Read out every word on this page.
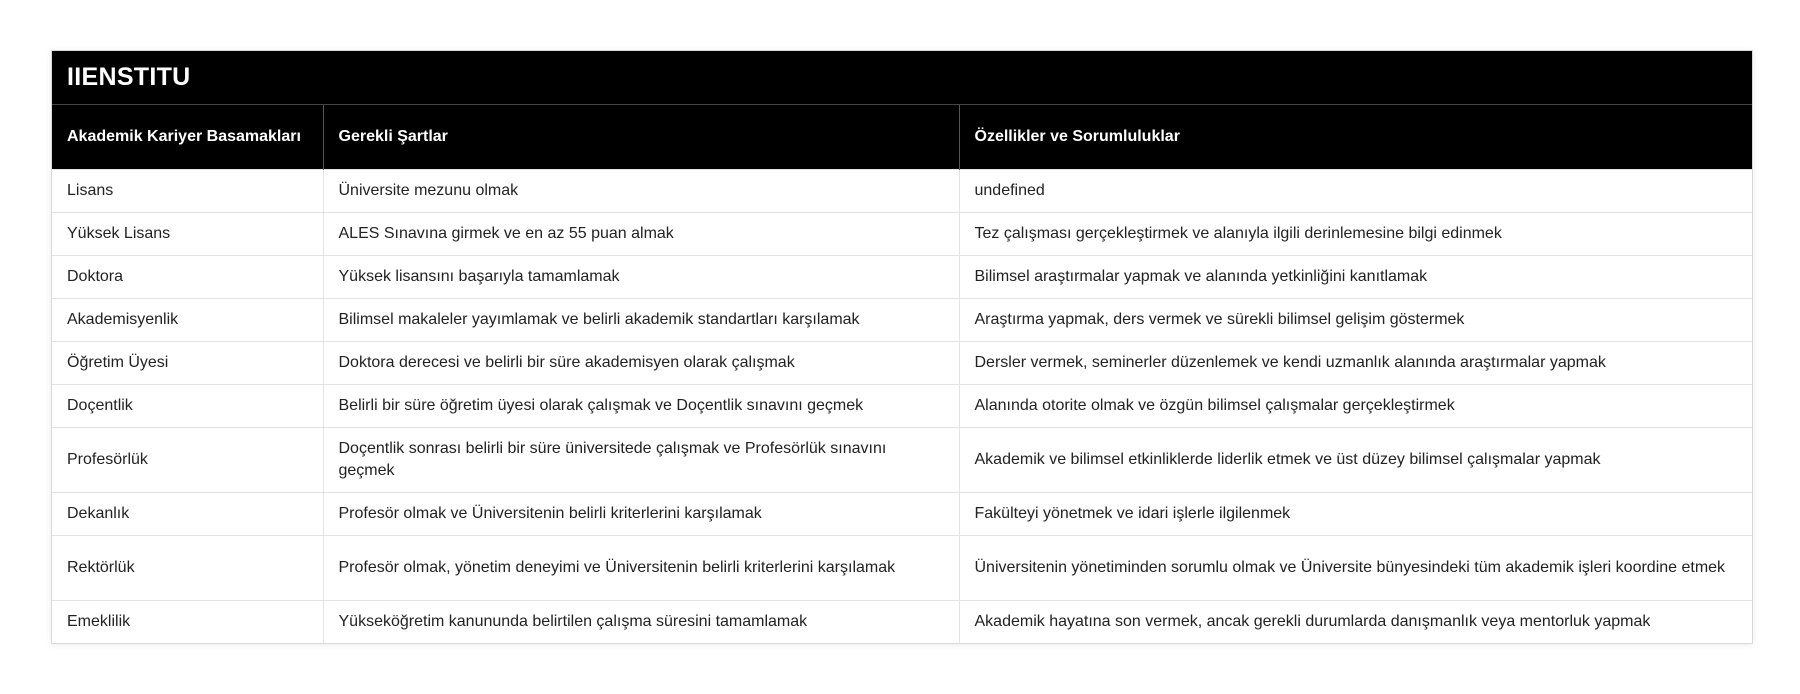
IIENSTITU
Akademik Kariyer Basamakları	Gerekli Şartlar	Özellikler ve Sorumluluklar
Lisans	Üniversite mezunu olmak	undefined
Yüksek Lisans	ALES Sınavına girmek ve en az 55 puan almak	Tez çalışması gerçekleştirmek ve alanıyla ilgili derinlemesine bilgi edinmek
Doktora	Yüksek lisansını başarıyla tamamlamak	Bilimsel araştırmalar yapmak ve alanında yetkinliğini kanıtlamak
Akademisyenlik	Bilimsel makaleler yayımlamak ve belirli akademik standartları karşılamak	Araştırma yapmak, ders vermek ve sürekli bilimsel gelişim göstermek
Öğretim Üyesi	Doktora derecesi ve belirli bir süre akademisyen olarak çalışmak	Dersler vermek, seminerler düzenlemek ve kendi uzmanlık alanında araştırmalar yapmak
Doçentlik	Belirli bir süre öğretim üyesi olarak çalışmak ve Doçentlik sınavını geçmek	Alanında otorite olmak ve özgün bilimsel çalışmalar gerçekleştirmek
Profesörlük	Doçentlik sonrası belirli bir süre üniversitede çalışmak ve Profesörlük sınavını geçmek	Akademik ve bilimsel etkinliklerde liderlik etmek ve üst düzey bilimsel çalışmalar yapmak
Dekanlık	Profesör olmak ve Üniversitenin belirli kriterlerini karşılamak	Fakülteyi yönetmek ve idari işlerle ilgilenmek
Rektörlük	Profesör olmak, yönetim deneyimi ve Üniversitenin belirli kriterlerini karşılamak	Üniversitenin yönetiminden sorumlu olmak ve Üniversite bünyesindeki tüm akademik işleri koordine etmek
Emeklilik	Yükseköğretim kanununda belirtilen çalışma süresini tamamlamak	Akademik hayatına son vermek, ancak gerekli durumlarda danışmanlık veya mentorluk yapmak
